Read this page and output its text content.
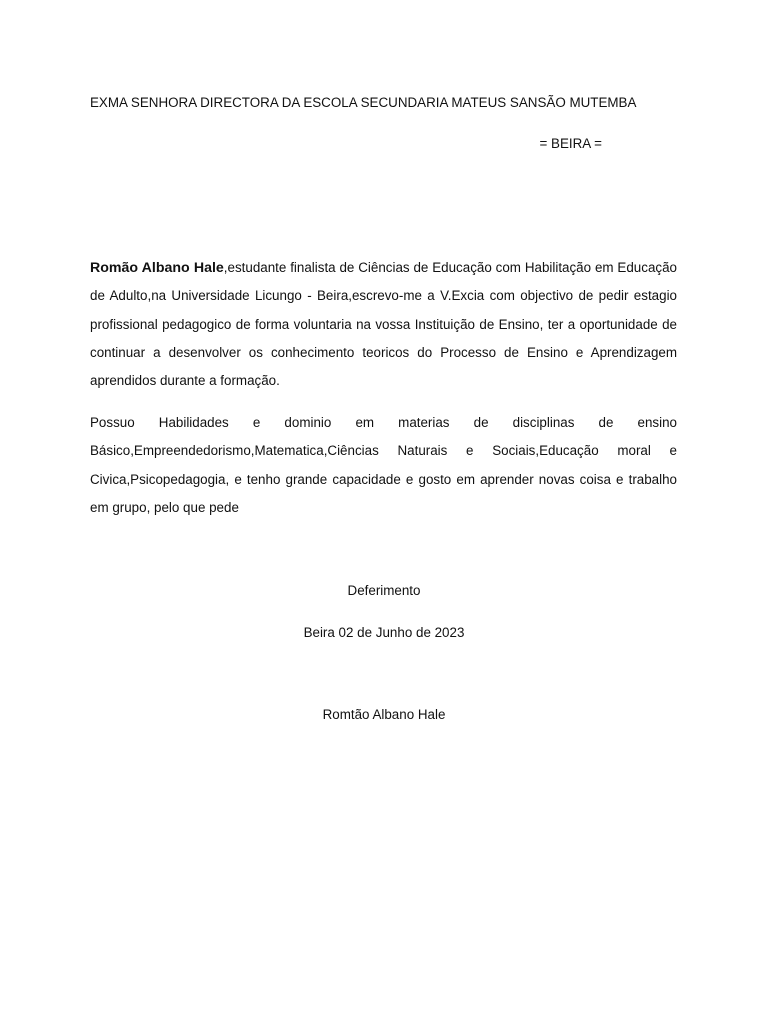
EXMA SENHORA DIRECTORA DA ESCOLA SECUNDARIA MATEUS SANSÃO MUTEMBA
= BEIRA =
Romão Albano Hale,estudante finalista de Ciências de Educação com Habilitação em Educação de Adulto,na Universidade Licungo - Beira,escrevo-me a V.Excia com objectivo de pedir estagio profissional pedagogico de forma voluntaria na vossa Instituição de Ensino, ter a oportunidade de continuar a desenvolver os conhecimento teoricos do Processo de Ensino e Aprendizagem aprendidos durante a formação.
Possuo Habilidades e dominio em materias de disciplinas de ensino Básico,Empreendedorismo,Matematica,Ciências Naturais e Sociais,Educação moral e Civica,Psicopedagogia, e tenho grande capacidade e gosto em aprender novas coisa e trabalho em grupo, pelo que pede
Deferimento
Beira 02 de Junho de 2023
Romtão Albano Hale
